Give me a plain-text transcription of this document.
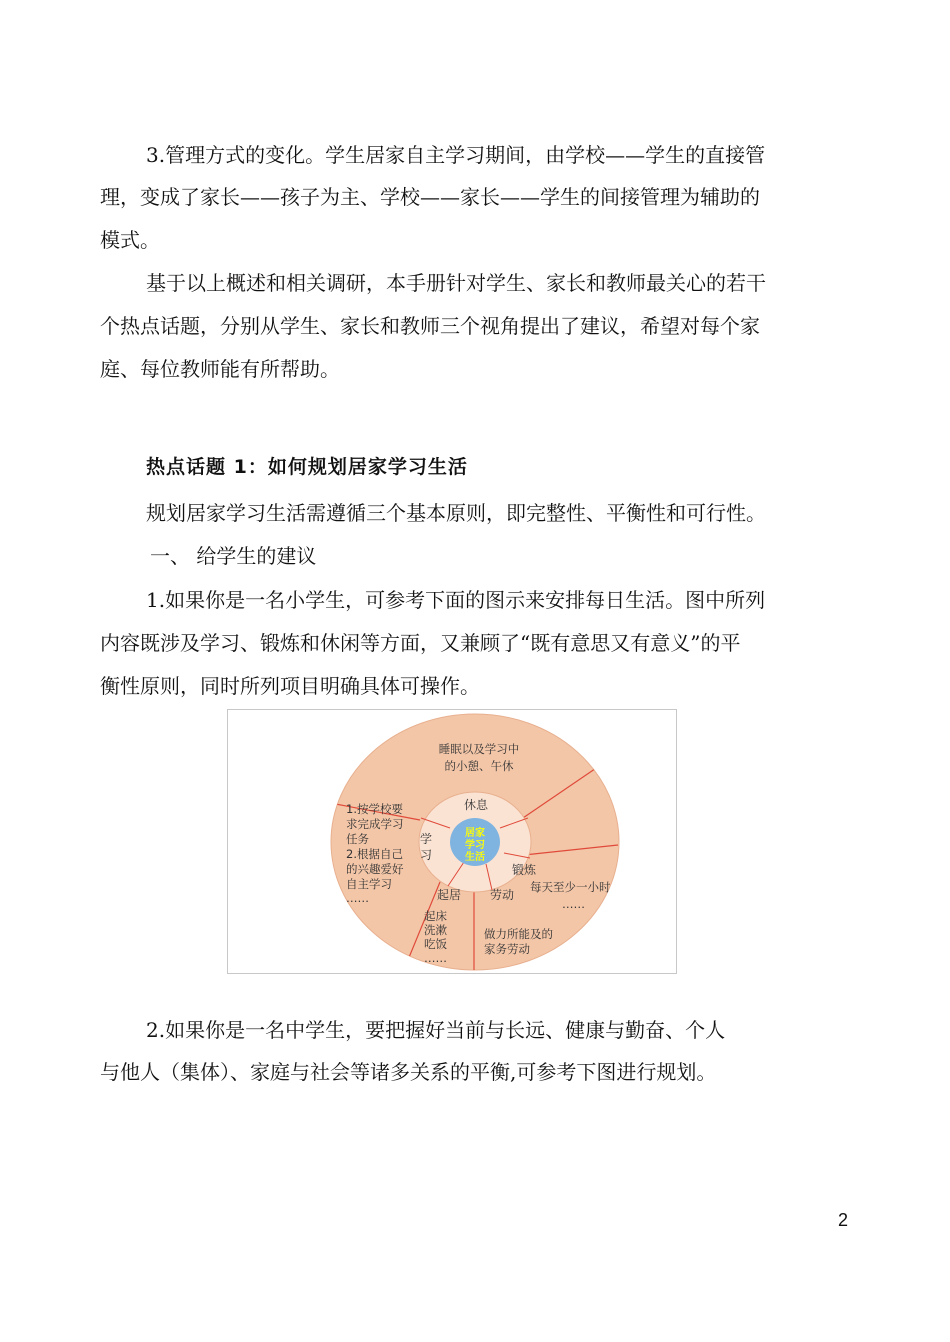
3.管理方式的变化。学生居家自主学习期间，由学校——学生的直接管
理，变成了家长——孩子为主、学校——家长——学生的间接管理为辅助的
模式。
基于以上概述和相关调研，本手册针对学生、家长和教师最关心的若干
个热点话题，分别从学生、家长和教师三个视角提出了建议，希望对每个家
庭、每位教师能有所帮助。
热点话题 1：如何规划居家学习生活
规划居家学习生活需遵循三个基本原则，即完整性、平衡性和可行性。
一、 给学生的建议
1.如果你是一名小学生，可参考下面的图示来安排每日生活。图中所列
内容既涉及学习、锻炼和休闲等方面，又兼顾了“既有意思又有意义”的平
衡性原则，同时所列项目明确具体可操作。
居家
学习
生活
休息
学
习
锻炼
劳动
起居
睡眠以及学习中
的小憩、午休
1.按学校要
求完成学习
任务
2.根据自己
的兴趣爱好
自主学习
……
每天至少一小时
……
做力所能及的
家务劳动
起床
洗漱
吃饭
……
2.如果你是一名中学生，要把握好当前与长远、健康与勤奋、个人
与他人（集体）、家庭与社会等诸多关系的平衡,可参考下图进行规划。
2
